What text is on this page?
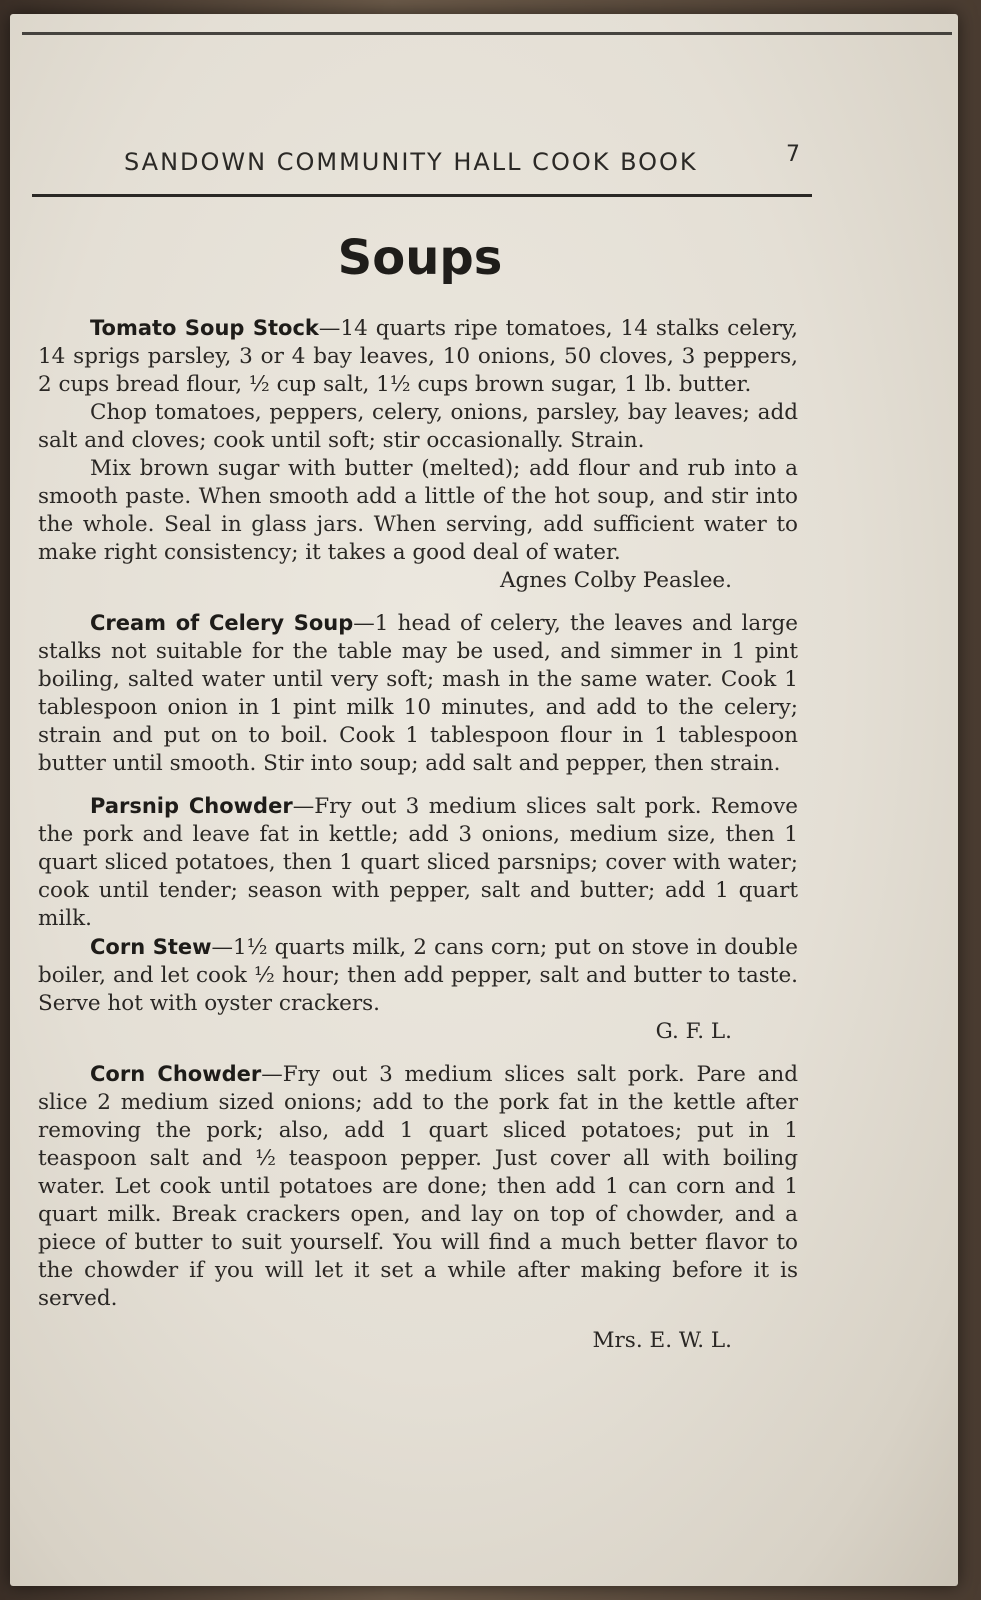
SANDOWN COMMUNITY HALL COOK BOOK	7
Soups

Tomato Soup Stock—14 quarts ripe tomatoes, 14 stalks celery, 14 sprigs parsley, 3 or 4 bay leaves, 10 onions, 50 cloves, 3 peppers, 2 cups bread flour, ½ cup salt, 1½ cups brown sugar, 1 lb. butter.

Chop tomatoes, peppers, celery, onions, parsley, bay leaves; add salt and cloves; cook until soft; stir occasionally. Strain.

Mix brown sugar with butter (melted); add flour and rub into a smooth paste. When smooth add a little of the hot soup, and stir into the whole. Seal in glass jars. When serving, add sufficient water to make right consistency; it takes a good deal of water.

Agnes Colby Peaslee.

Cream of Celery Soup—1 head of celery, the leaves and large stalks not suitable for the table may be used, and simmer in 1 pint boiling, salted water until very soft; mash in the same water. Cook 1 tablespoon onion in 1 pint milk 10 minutes, and add to the celery; strain and put on to boil. Cook 1 tablespoon flour in 1 tablespoon butter until smooth. Stir into soup; add salt and pepper, then strain.

Parsnip Chowder—Fry out 3 medium slices salt pork. Remove the pork and leave fat in kettle; add 3 onions, medium size, then 1 quart sliced potatoes, then 1 quart sliced parsnips; cover with water; cook until tender; season with pepper, salt and butter; add 1 quart milk.

Corn Stew—1½ quarts milk, 2 cans corn; put on stove in double boiler, and let cook ½ hour; then add pepper, salt and butter to taste. Serve hot with oyster crackers.

G. F. L.

Corn Chowder—Fry out 3 medium slices salt pork. Pare and slice 2 medium sized onions; add to the pork fat in the kettle after removing the pork; also, add 1 quart sliced potatoes; put in 1 teaspoon salt and ½ teaspoon pepper. Just cover all with boiling water. Let cook until potatoes are done; then add 1 can corn and 1 quart milk. Break crackers open, and lay on top of chowder, and a piece of butter to suit yourself. You will find a much better flavor to the chowder if you will let it set a while after making before it is served.

Mrs. E. W. L.
